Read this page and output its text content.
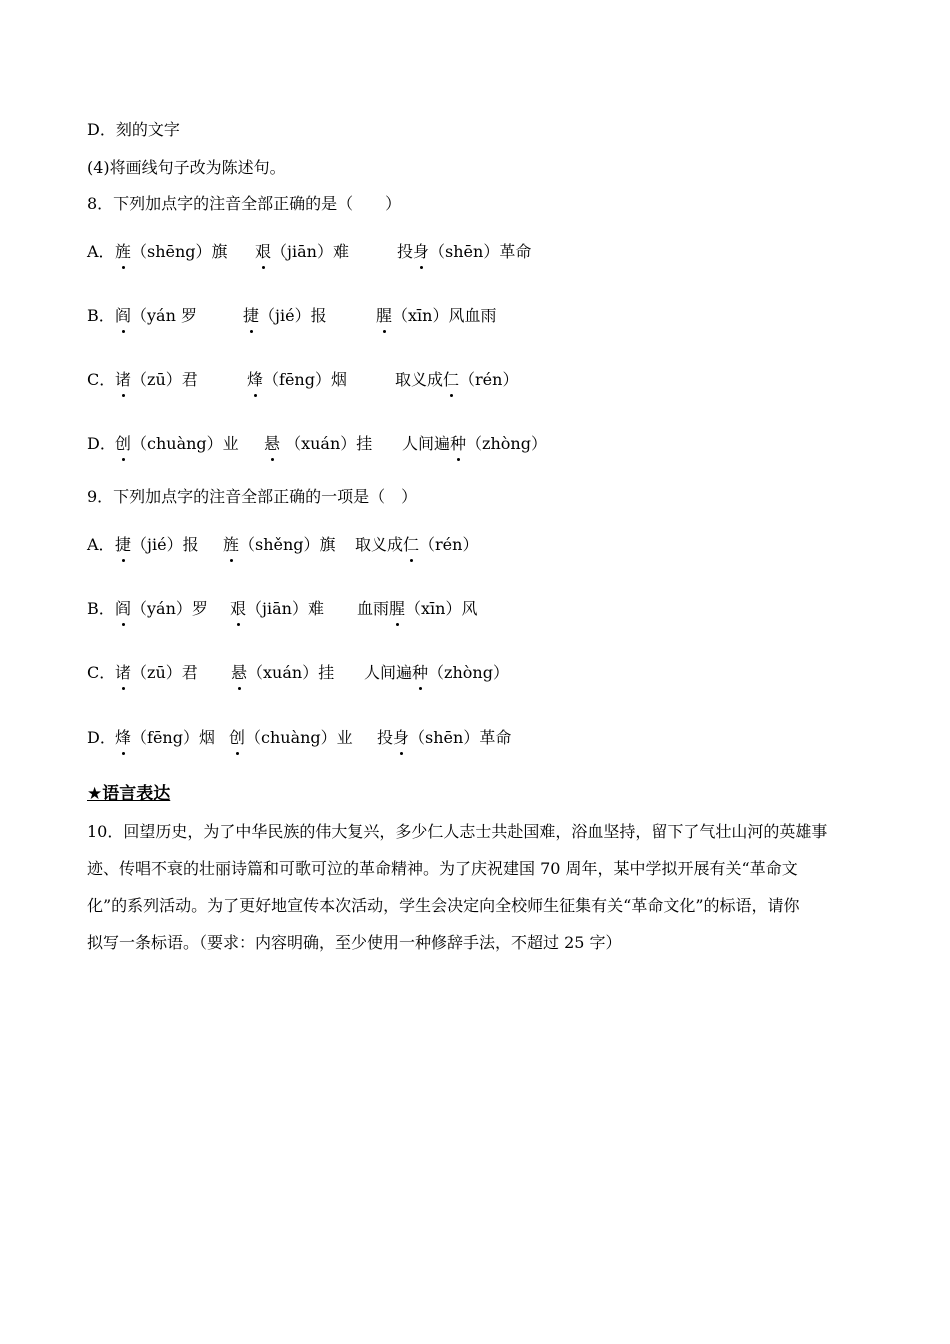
D．刻的文字
(4)将画线句子改为陈述句。
8．下列加点字的注音全部正确的是（　　）
A． 旌（shēng）旗 艰（jiān）难	投身（shēn）革命
B． 阎（yán 罗	捷（jié）报	腥（xīn）风血雨
C． 诸（zū）君	烽（fēng）烟	取义成仁（rén）
D． 创（chuàng）业 悬 （xuán）挂 人间遍种（zhòng）
9．下列加点字的注音全部正确的一项是（　）
A． 捷（jié）报 旌（shěng）旗 取义成仁（rén）
B． 阎（yán）罗 艰（jiān）难 血雨腥（xīn）风
C． 诸（zū）君 悬（xuán）挂 人间遍种（zhòng）
D． 烽（fēng）烟 创（chuàng）业 投身（shēn）革命
★语言表达
10．回望历史，为了中华民族的伟大复兴，多少仁人志士共赴国难，浴血坚持，留下了气壮山河的英雄事
迹、传唱不衰的壮丽诗篇和可歌可泣的革命精神。为了庆祝建国 70 周年，某中学拟开展有关“革命文
化”的系列活动。为了更好地宣传本次活动，学生会决定向全校师生征集有关“革命文化”的标语，请你
拟写一条标语。（要求：内容明确，至少使用一种修辞手法，不超过 25 字）
